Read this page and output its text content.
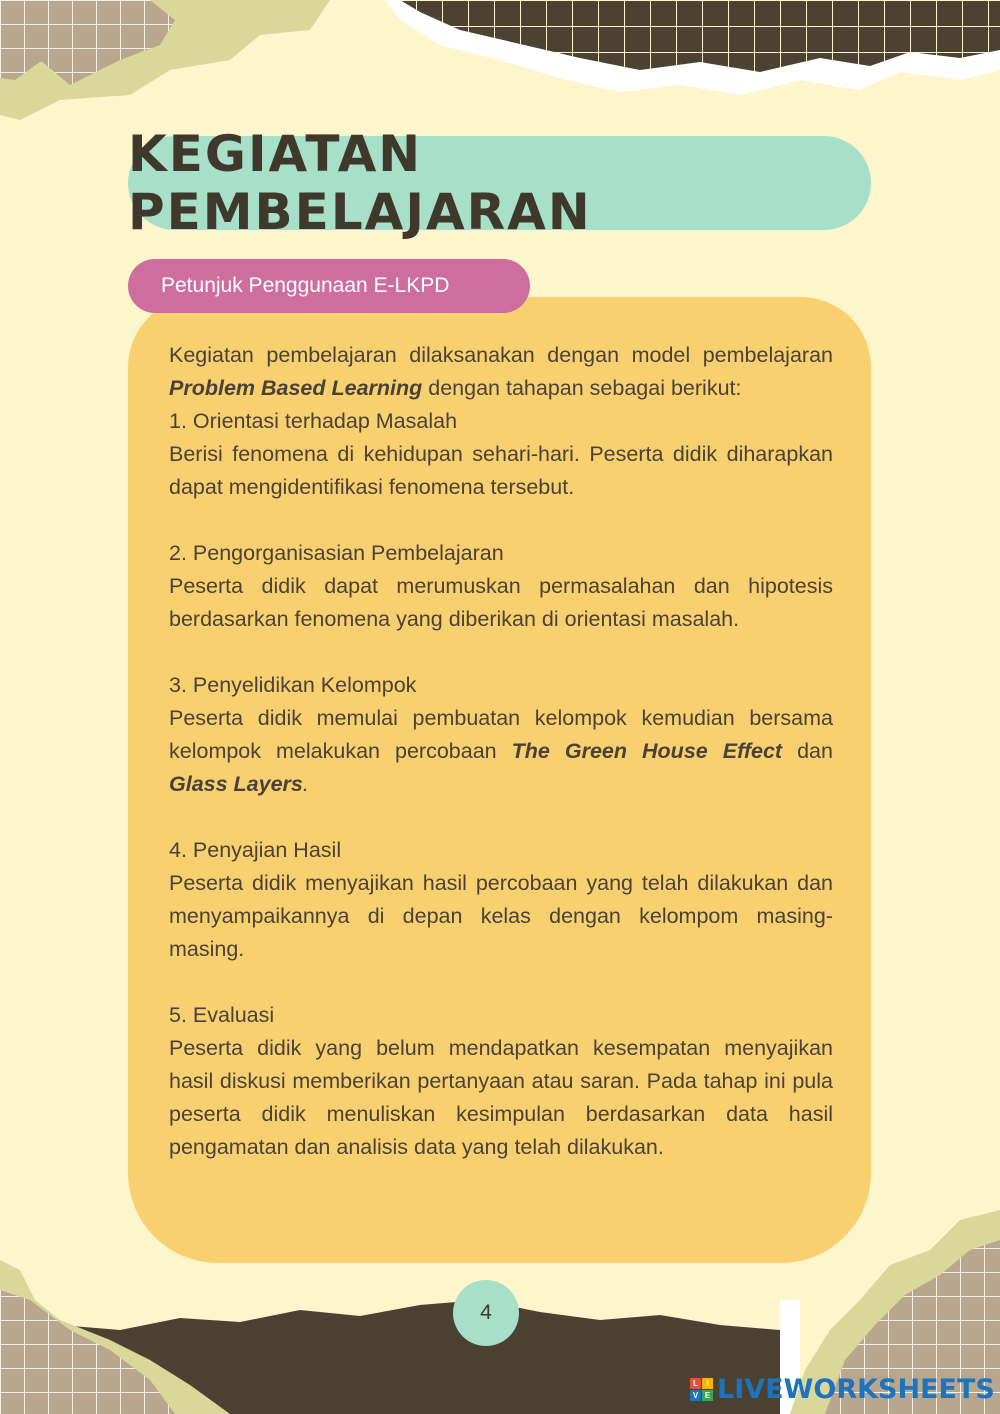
KEGIATAN PEMBELAJARAN
Petunjuk Penggunaan E-LKPD

Kegiatan pembelajaran dilaksanakan dengan model pembelajaran Problem Based Learning dengan tahapan sebagai berikut:

1. Orientasi terhadap Masalah

Berisi fenomena di kehidupan sehari-hari. Peserta didik diharapkan dapat mengidentifikasi fenomena tersebut.

2. Pengorganisasian Pembelajaran

Peserta didik dapat merumuskan permasalahan dan hipotesis berdasarkan fenomena yang diberikan di orientasi masalah.

3. Penyelidikan Kelompok

Peserta didik memulai pembuatan kelompok kemudian bersama kelompok melakukan percobaan The Green House Effect dan Glass Layers.

4. Penyajian Hasil

Peserta didik menyajikan hasil percobaan yang telah dilakukan dan menyampaikannya di depan kelas dengan kelompom masing-masing.

5. Evaluasi

Peserta didik yang belum mendapatkan kesempatan menyajikan hasil diskusi memberikan pertanyaan atau saran. Pada tahap ini pula peserta didik menuliskan kesimpulan berdasarkan data hasil pengamatan dan analisis data yang telah dilakukan.

4
L	I
V E LIVEWORKSHEETS
